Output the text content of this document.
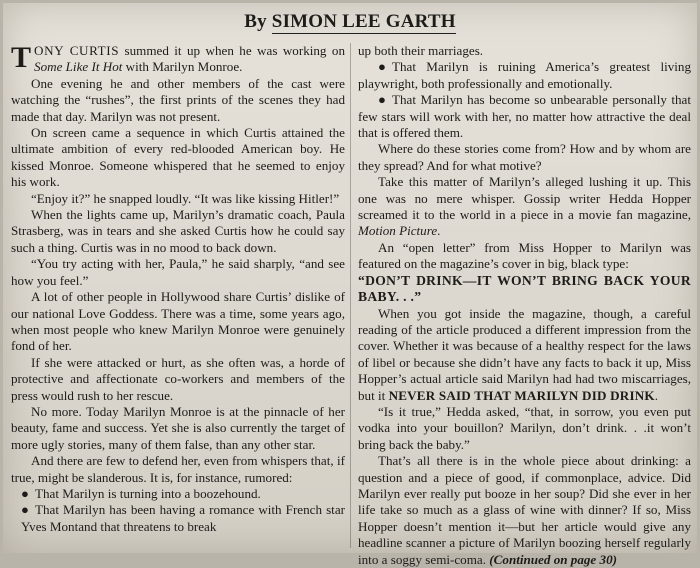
By SIMON LEE GARTH

TONY CURTIS summed it up when he was working on Some Like It Hot with Marilyn Monroe.

One evening he and other members of the cast were watching the “rushes”, the first prints of the scenes they had made that day. Marilyn was not present.

On screen came a sequence in which Curtis attained the ultimate ambition of every red-blooded American boy. He kissed Monroe. Someone whispered that he seemed to enjoy his work.

“Enjoy it?” he snapped loudly. “It was like kissing Hitler!”

When the lights came up, Marilyn’s dramatic coach, Paula Strasberg, was in tears and she asked Curtis how he could say such a thing. Curtis was in no mood to back down.

“You try acting with her, Paula,” he said sharply, “and see how you feel.”

A lot of other people in Hollywood share Curtis’ dislike of our national Love Goddess. There was a time, some years ago, when most people who knew Marilyn Monroe were genuinely fond of her.

If she were attacked or hurt, as she often was, a horde of protective and affectionate co-workers and members of the press would rush to her rescue.

No more. Today Marilyn Monroe is at the pinnacle of her beauty, fame and success. Yet she is also currently the target of more ugly stories, many of them false, than any other star.

And there are few to defend her, even from whispers that, if true, might be slanderous. It is, for instance, rumored:

● That Marilyn is turning into a boozehound.

● That Marilyn has been having a romance with French star Yves Montand that threatens to break

up both their marriages.

● That Marilyn is ruining America’s greatest living playwright, both professionally and emotionally.

● That Marilyn has become so unbearable personally that few stars will work with her, no matter how attractive the deal that is offered them.

Where do these stories come from? How and by whom are they spread? And for what motive?

Take this matter of Marilyn’s alleged lushing it up. This one was no mere whisper. Gossip writer Hedda Hopper screamed it to the world in a piece in a movie fan magazine, Motion Picture.

An “open letter” from Miss Hopper to Marilyn was featured on the magazine’s cover in big, black type:

“DON’T DRINK—IT WON’T BRING BACK YOUR BABY. . .”

When you got inside the magazine, though, a careful reading of the article produced a different impression from the cover. Whether it was because of a healthy respect for the laws of libel or because she didn’t have any facts to back it up, Miss Hopper’s actual article said Marilyn had had two miscarriages, but it NEVER SAID THAT MARILYN DID DRINK.

“Is it true,” Hedda asked, “that, in sorrow, you even put vodka into your bouillon? Marilyn, don’t drink. . .it won’t bring back the baby.”

That’s all there is in the whole piece about drinking: a question and a piece of good, if commonplace, advice. Did Marilyn ever really put booze in her soup? Did she ever in her life take so much as a glass of wine with dinner? If so, Miss Hopper doesn’t mention it—but her article would give any headline scanner a picture of Marilyn boozing herself regularly into a soggy semi-coma. (Continued on page 30)
